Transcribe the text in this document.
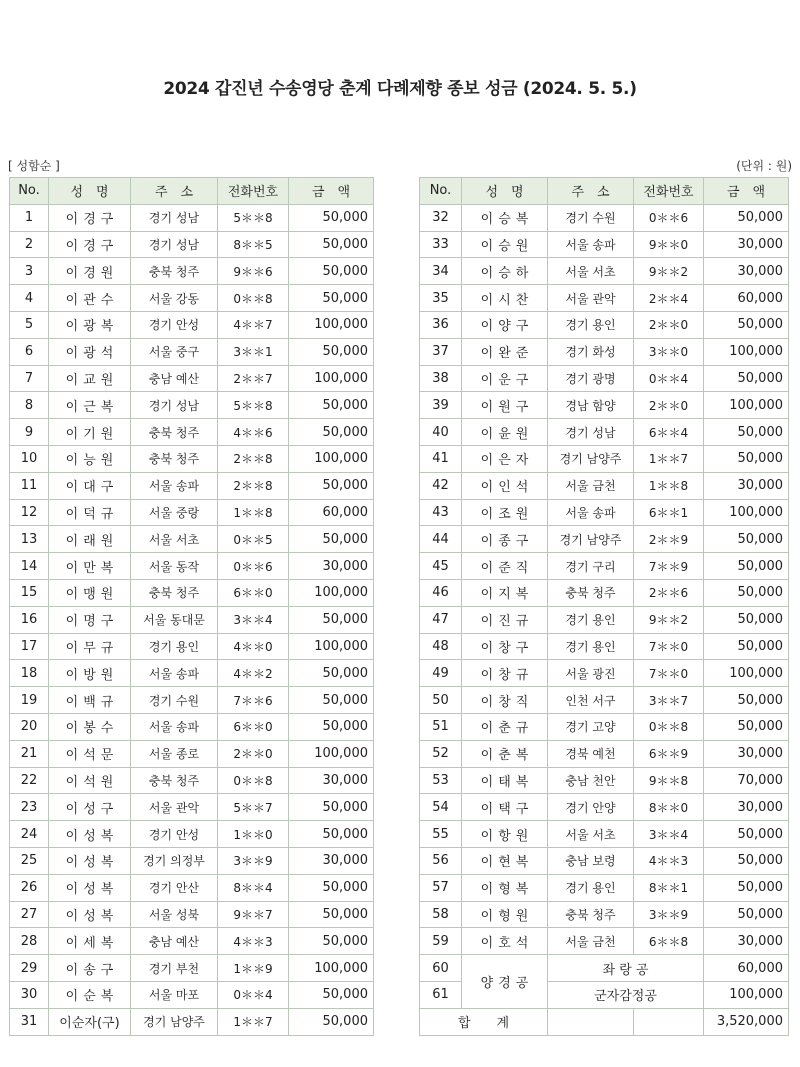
2024 갑진년 수송영당 춘계 다례제향 종보 성금 (2024. 5. 5.)
[ 성함순 ]	(단위 : 원)
No.	성　명	주　소	전화번호	금　액
1	이경구	경기 성남	5＊＊8	50,000
2	이경구	경기 성남	8＊＊5	50,000
3	이경원	충북 청주	9＊＊6	50,000
4	이관수	서울 강동	0＊＊8	50,000
5	이광복	경기 안성	4＊＊7	100,000
6	이광석	서울 중구	3＊＊1	50,000
7	이교원	충남 예산	2＊＊7	100,000
8	이근복	경기 성남	5＊＊8	50,000
9	이기원	충북 청주	4＊＊6	50,000
10	이능원	충북 청주	2＊＊8	100,000
11	이대구	서울 송파	2＊＊8	50,000
12	이덕규	서울 중랑	1＊＊8	60,000
13	이래원	서울 서초	0＊＊5	50,000
14	이만복	서울 동작	0＊＊6	30,000
15	이맹원	충북 청주	6＊＊0	100,000
16	이명구	서울 동대문	3＊＊4	50,000
17	이무규	경기 용인	4＊＊0	100,000
18	이방원	서울 송파	4＊＊2	50,000
19	이백규	경기 수원	7＊＊6	50,000
20	이봉수	서울 송파	6＊＊0	50,000
21	이석문	서울 종로	2＊＊0	100,000
22	이석원	충북 청주	0＊＊8	30,000
23	이성구	서울 관악	5＊＊7	50,000
24	이성복	경기 안성	1＊＊0	50,000
25	이성복	경기 의정부	3＊＊9	30,000
26	이성복	경기 안산	8＊＊4	50,000
27	이성복	서울 성북	9＊＊7	50,000
28	이세복	충남 예산	4＊＊3	50,000
29	이송구	경기 부천	1＊＊9	100,000
30	이순복	서울 마포	0＊＊4	50,000
31	이순자(구)	경기 남양주	1＊＊7	50,000
No.	성　명	주　소	전화번호	금　액
32	이승복	경기 수원	0＊＊6	50,000
33	이승원	서울 송파	9＊＊0	30,000
34	이승하	서울 서초	9＊＊2	30,000
35	이시찬	서울 관악	2＊＊4	60,000
36	이양구	경기 용인	2＊＊0	50,000
37	이완준	경기 화성	3＊＊0	100,000
38	이운구	경기 광명	0＊＊4	50,000
39	이원구	경남 함양	2＊＊0	100,000
40	이윤원	경기 성남	6＊＊4	50,000
41	이은자	경기 남양주	1＊＊7	50,000
42	이인석	서울 금천	1＊＊8	30,000
43	이조원	서울 송파	6＊＊1	100,000
44	이종구	경기 남양주	2＊＊9	50,000
45	이준직	경기 구리	7＊＊9	50,000
46	이지복	충북 청주	2＊＊6	50,000
47	이진규	경기 용인	9＊＊2	50,000
48	이창구	경기 용인	7＊＊0	50,000
49	이창규	서울 광진	7＊＊0	100,000
50	이창직	인천 서구	3＊＊7	50,000
51	이춘규	경기 고양	0＊＊8	50,000
52	이춘복	경북 예천	6＊＊9	30,000
53	이태복	충남 천안	9＊＊8	70,000
54	이택구	경기 안양	8＊＊0	30,000
55	이항원	서울 서초	3＊＊4	50,000
56	이현복	충남 보령	4＊＊3	50,000
57	이형복	경기 용인	8＊＊1	50,000
58	이형원	충북 청주	3＊＊9	50,000
59	이호석	서울 금천	6＊＊8	30,000
60	양경공	좌 랑 공		60,000
61		군자감정공		100,000
합계				3,520,000
